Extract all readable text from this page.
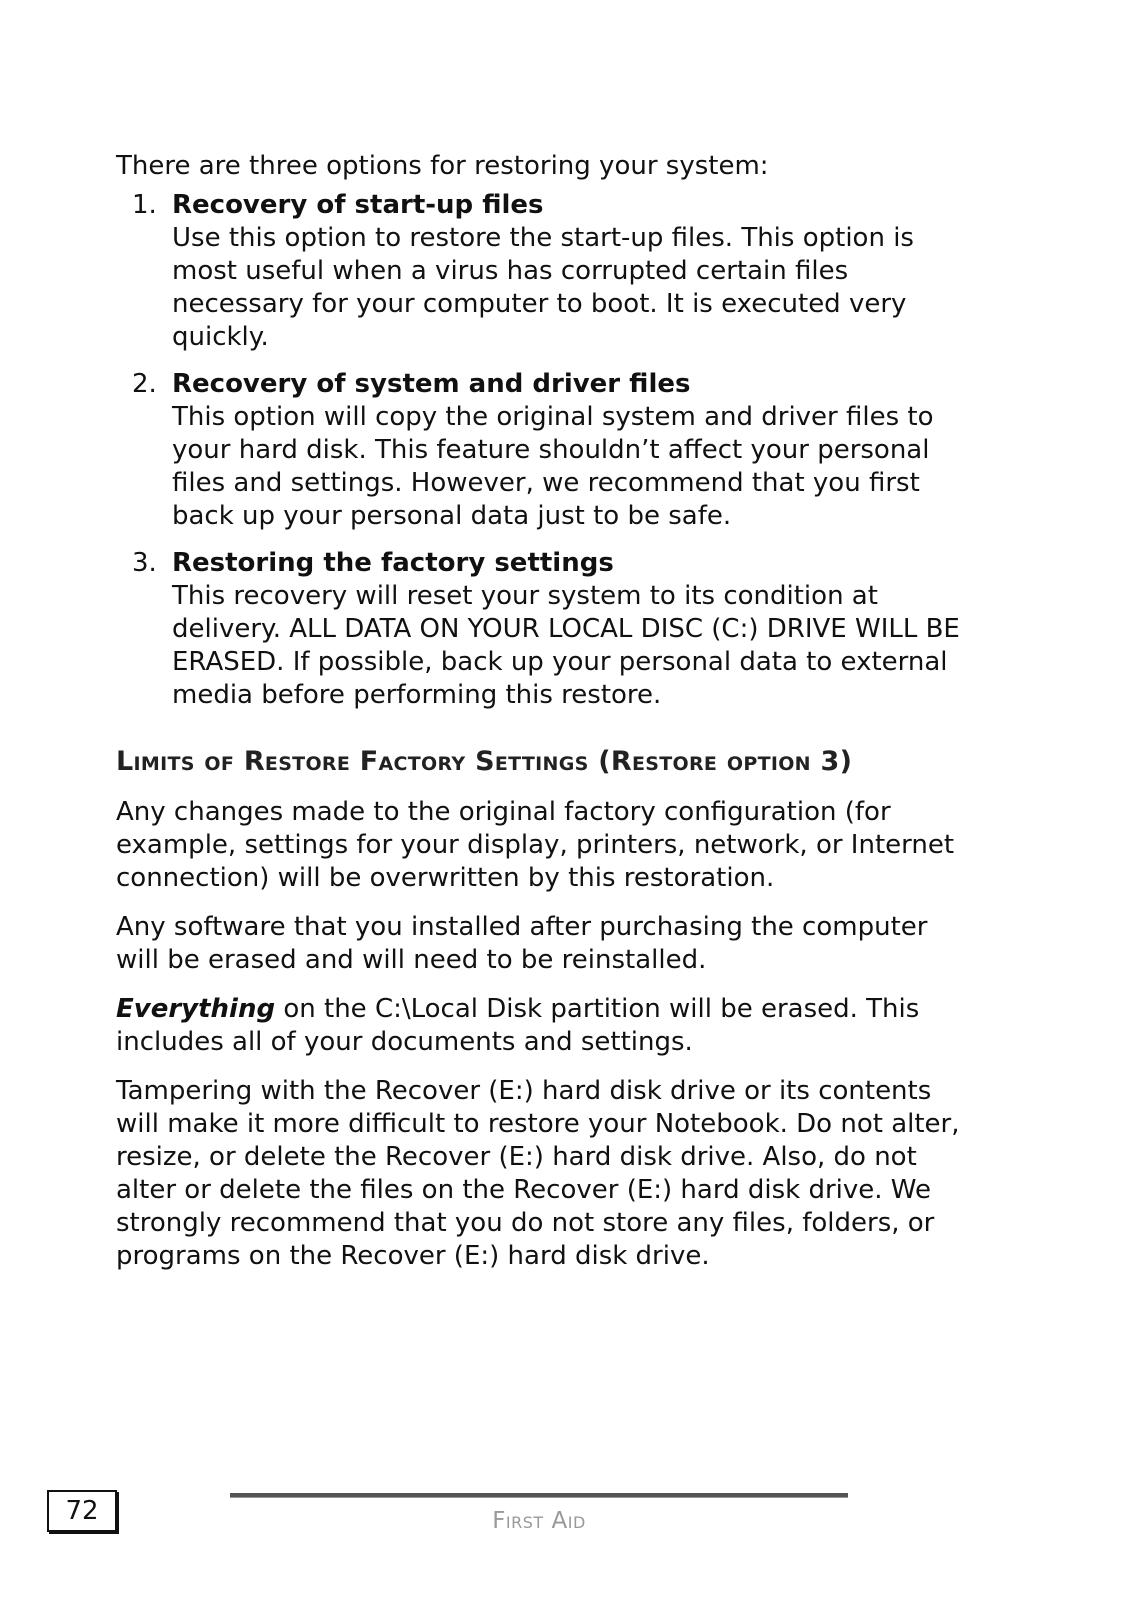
There are three options for restoring your system:

1. Recovery of start-up files
Use this option to restore the start-up files. This option is most useful when a virus has corrupted certain files necessary for your computer to boot. It is executed very quickly.
2. Recovery of system and driver files
This option will copy the original system and driver files to your hard disk. This feature shouldn’t affect your personal files and settings. However, we recommend that you first back up your personal data just to be safe.
3. Restoring the factory settings
This recovery will reset your system to its condition at delivery. ALL DATA ON YOUR LOCAL DISC (C:) DRIVE WILL BE ERASED. If possible, back up your personal data to external media before performing this restore.
Limits of Restore Factory Settings (Restore option 3)

Any changes made to the original factory configuration (for example, settings for your display, printers, network, or Internet connection) will be overwritten by this restoration.

Any software that you installed after purchasing the computer will be erased and will need to be reinstalled.

Everything on the C:\Local Disk partition will be erased. This includes all of your documents and settings.

Tampering with the Recover (E:) hard disk drive or its contents will make it more difficult to restore your Notebook. Do not alter, resize, or delete the Recover (E:) hard disk drive. Also, do not alter or delete the files on the Recover (E:) hard disk drive. We strongly recommend that you do not store any files, folders, or programs on the Recover (E:) hard disk drive.

72	First Aid
